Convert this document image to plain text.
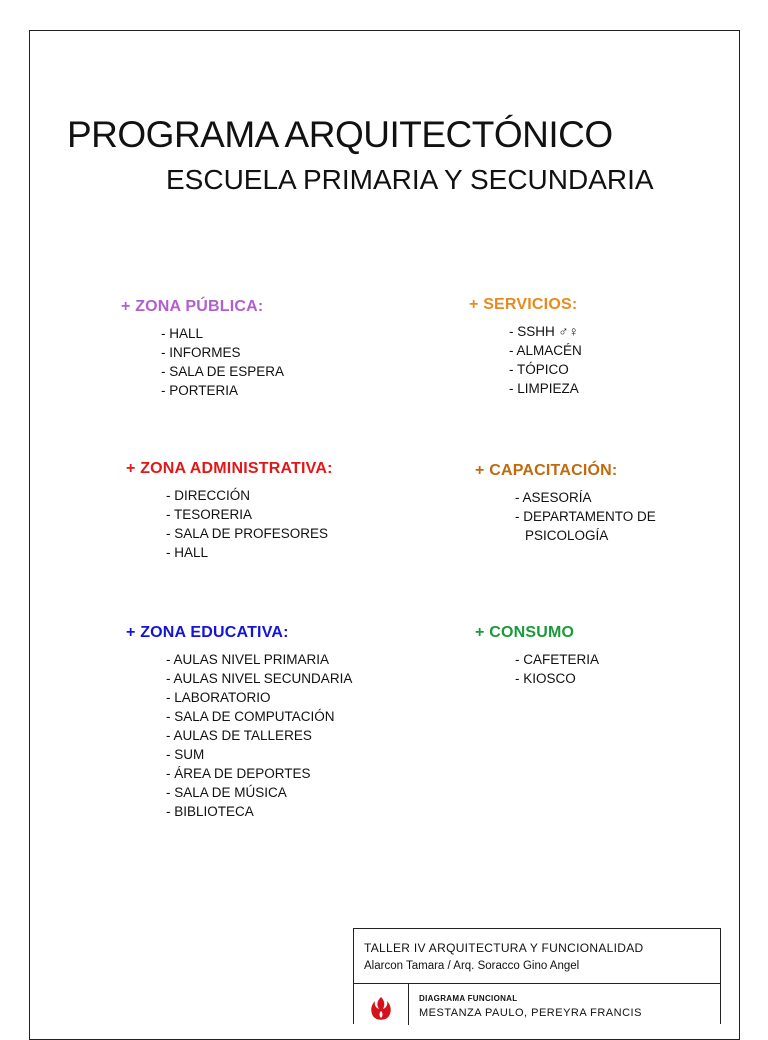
PROGRAMA ARQUITECTÓNICO
ESCUELA PRIMARIA Y SECUNDARIA
+ ZONA PÚBLICA:
- HALL
- INFORMES
- SALA DE ESPERA
- PORTERIA
+ SERVICIOS:
- SSHH ♂♀
- ALMACÉN
- TÓPICO
- LIMPIEZA
+ ZONA ADMINISTRATIVA:
- DIRECCIÓN
- TESORERIA
- SALA DE PROFESORES
- HALL
+ CAPACITACIÓN:
- ASESORÍA
- DEPARTAMENTO DE
PSICOLOGÍA
+ ZONA EDUCATIVA:
- AULAS NIVEL PRIMARIA
- AULAS NIVEL SECUNDARIA
- LABORATORIO
- SALA DE COMPUTACIÓN
- AULAS DE TALLERES
- SUM
- ÁREA DE DEPORTES
- SALA DE MÚSICA
- BIBLIOTECA
+ CONSUMO
- CAFETERIA
- KIOSCO
TALLER IV ARQUITECTURA Y FUNCIONALIDAD
Alarcon Tamara / Arq. Soracco Gino Angel
DIAGRAMA FUNCIONAL
MESTANZA PAULO, PEREYRA FRANCIS
